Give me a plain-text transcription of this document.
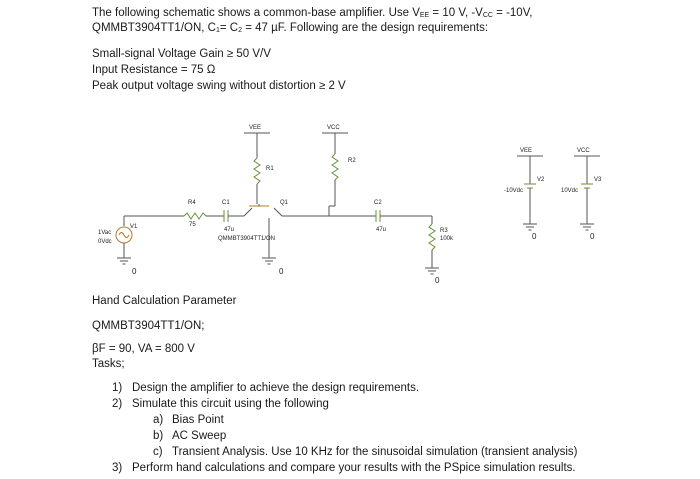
The following schematic shows a common-base amplifier. Use $V_{EE} = 10$ V, $-V_{CC} = -10V$,
QMMBT3904TT1/ON, $C_1= C_2 = 47$ µF. Following are the design requirements:
Small-signal Voltage Gain ≥ 50 V/V
Input Resistance = 75 Ω
Peak output voltage swing without distortion ≥ 2 V
VEE	VCC
R1
R2
R4
75
C1
47u
Q1
QMMBT3904TT1/ON
C2
47u
V1
1Vac
0Vdc
R3
100k
VEE
V2
-10Vdc
VCC
V3
10Vdc
0	0
0
0	0
Hand Calculation Parameter
QMMBT3904TT1/ON;
βF = 90, VA = 800 V
Tasks;
1) Design the amplifier to achieve the design requirements.
2) Simulate this circuit using the following
a) Bias Point
b) AC Sweep
c) Transient Analysis. Use 10 KHz for the sinusoidal simulation (transient analysis)
3) Perform hand calculations and compare your results with the PSpice simulation results.
